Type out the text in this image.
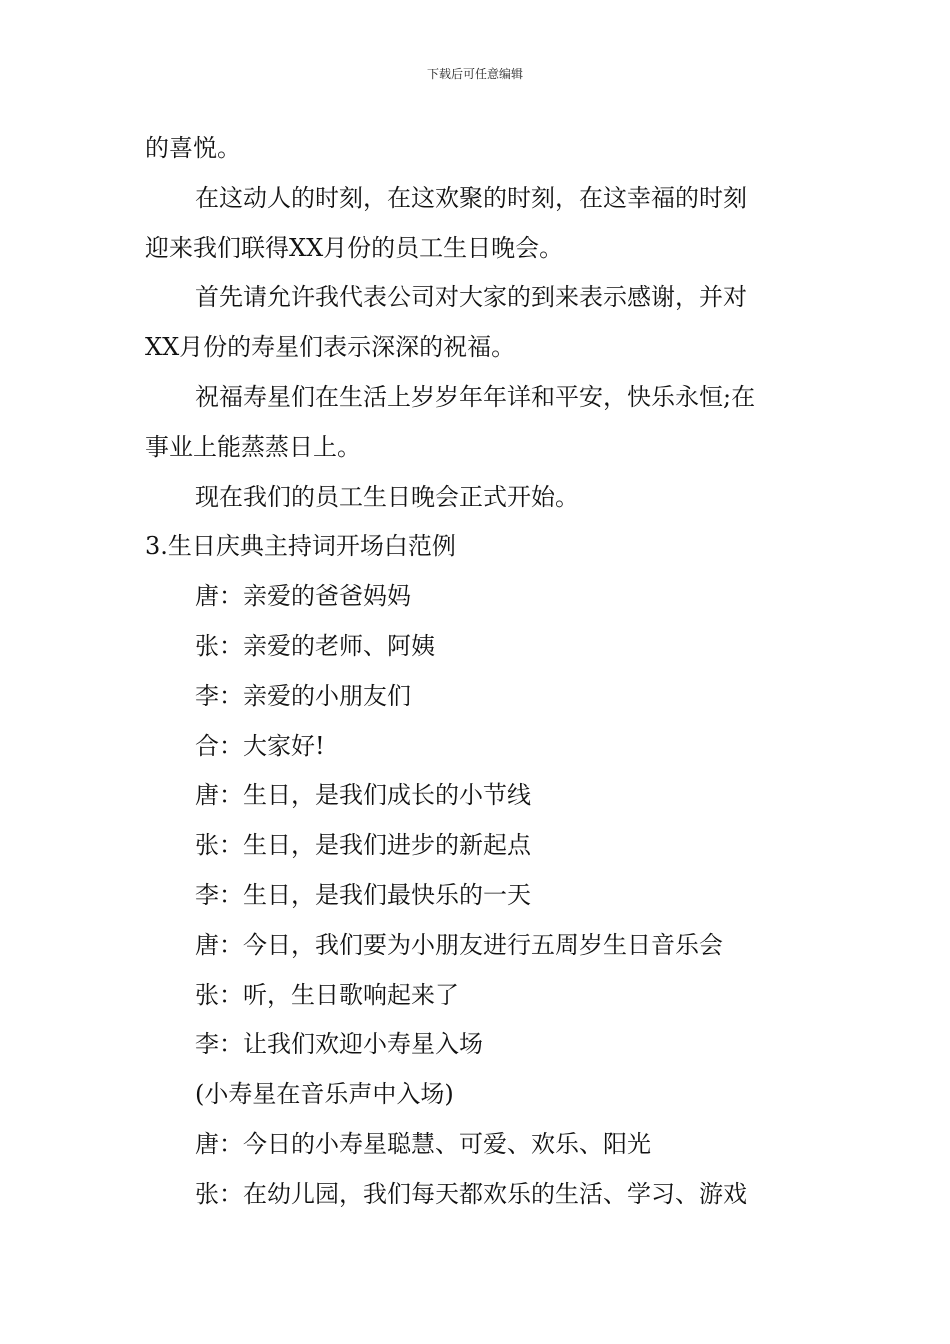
下载后可任意编辑
的喜悦。
在这动人的时刻，在这欢聚的时刻，在这幸福的时刻
迎来我们联得XX月份的员工生日晚会。
首先请允许我代表公司对大家的到来表示感谢，并对
XX月份的寿星们表示深深的祝福。
祝福寿星们在生活上岁岁年年详和平安，快乐永恒;在
事业上能蒸蒸日上。
现在我们的员工生日晚会正式开始。
3.生日庆典主持词开场白范例
唐：亲爱的爸爸妈妈
张：亲爱的老师、阿姨
李：亲爱的小朋友们
合：大家好!
唐：生日，是我们成长的小节线
张：生日，是我们进步的新起点
李：生日，是我们最快乐的一天
唐：今日，我们要为小朋友进行五周岁生日音乐会
张：听，生日歌响起来了
李：让我们欢迎小寿星入场
(小寿星在音乐声中入场)
唐：今日的小寿星聪慧、可爱、欢乐、阳光
张：在幼儿园，我们每天都欢乐的生活、学习、游戏
